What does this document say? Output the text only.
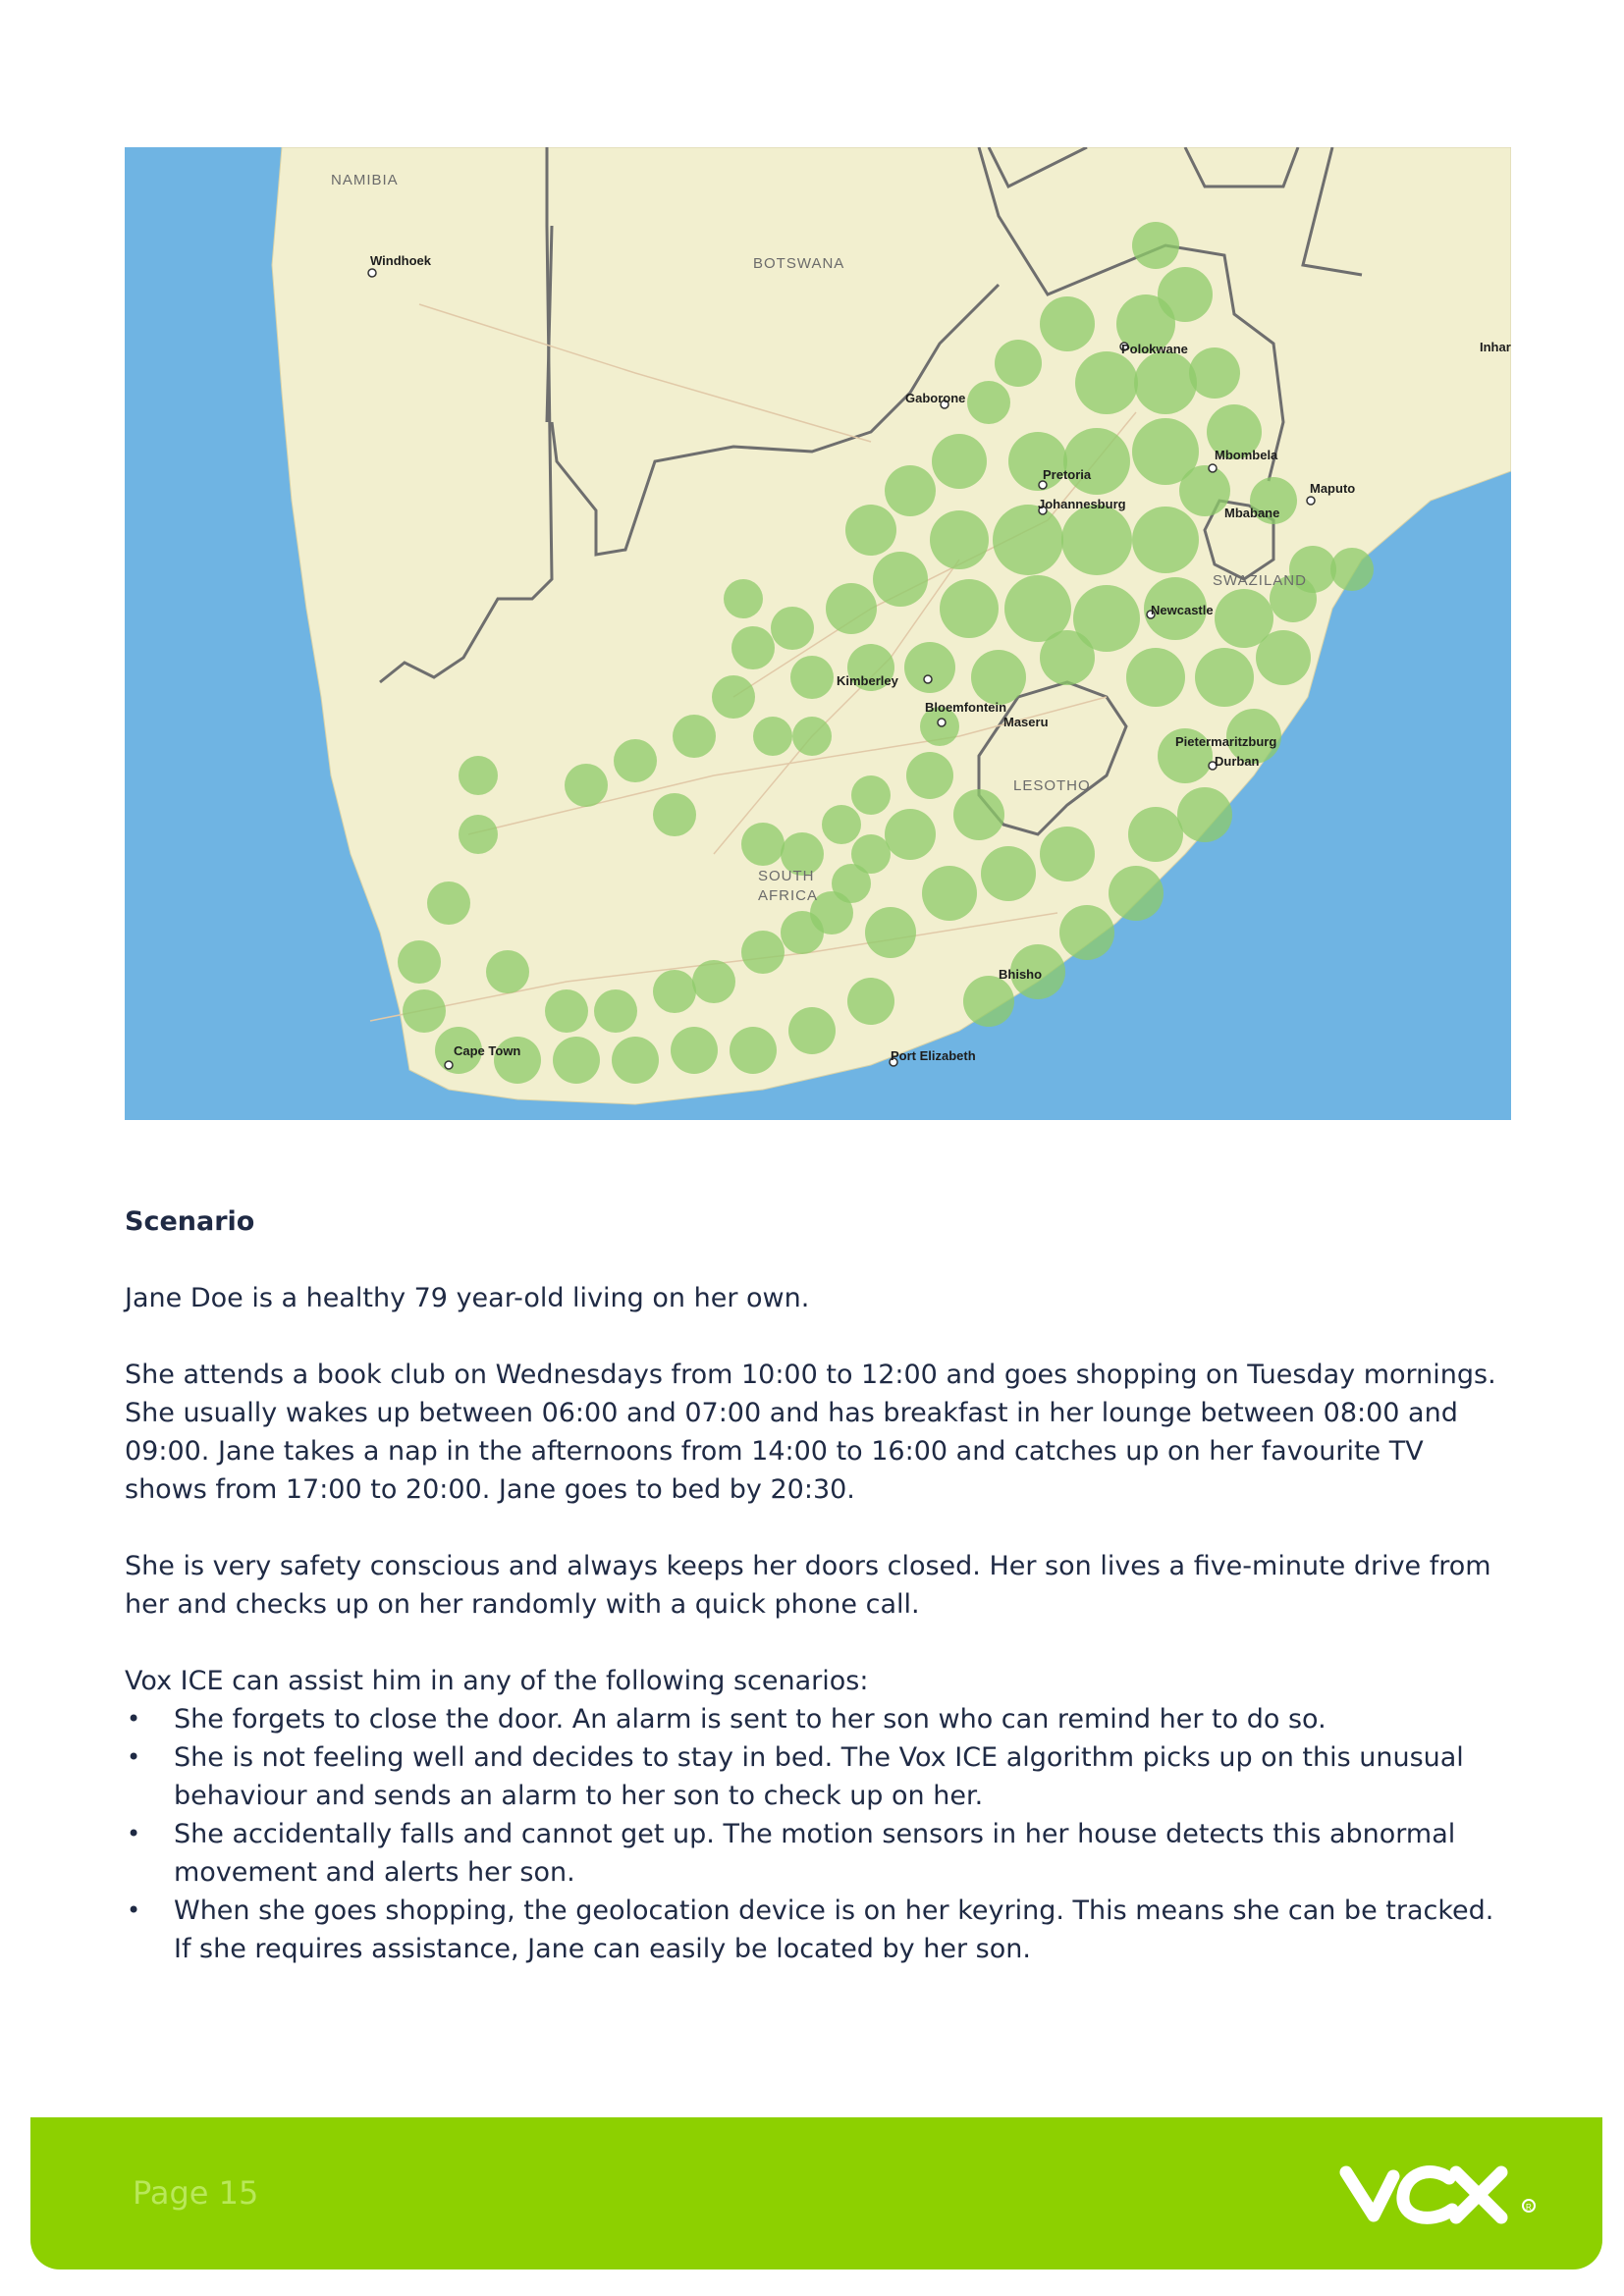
NAMIBIA
Windhoek	BOTSWANA
Gaborone
Polokwane
Pretoria
Johannesburg
Mbombela
Maputo
Mbabane
SWAZILAND
Newcastle
Kimberley
Bloemfontein
Maseru
LESOTHO
Pietermaritzburg
Durban
SOUTH
AFRICA
Bhisho
Cape Town	Port Elizabeth
Inhar
Scenario
Jane Doe is a healthy 79 year-old living on her own.
She attends a book club on Wednesdays from 10:00 to 12:00 and goes shopping on Tuesday mornings.
She usually wakes up between 06:00 and 07:00 and has breakfast in her lounge between 08:00 and
09:00. Jane takes a nap in the afternoons from 14:00 to 16:00 and catches up on her favourite TV
shows from 17:00 to 20:00. Jane goes to bed by 20:30.
She is very safety conscious and always keeps her doors closed. Her son lives a five-minute drive from
her and checks up on her randomly with a quick phone call.
Vox ICE can assist him in any of the following scenarios:
• She forgets to close the door. An alarm is sent to her son who can remind her to do so.
• She is not feeling well and decides to stay in bed. The Vox ICE algorithm picks up on this unusual
behaviour and sends an alarm to her son to check up on her.
• She accidentally falls and cannot get up. The motion sensors in her house detects this abnormal
movement and alerts her son.
• When she goes shopping, the geolocation device is on her keyring. This means she can be tracked.
If she requires assistance, Jane can easily be located by her son.
Page 15	R
